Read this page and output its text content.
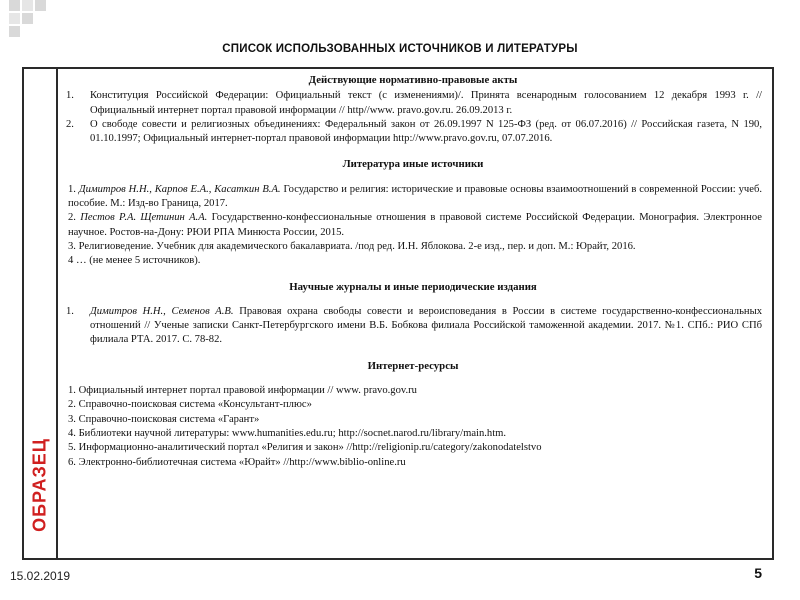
СПИСОК ИСПОЛЬЗОВАННЫХ ИСТОЧНИКОВ И ЛИТЕРАТУРЫ
ОБРАЗЕЦ
Действующие нормативно-правовые акты
1. Конституция Российской Федерации: Официальный текст (с изменениями)/. Принята всенародным голосованием 12 декабря 1993 г. // Официальный интернет портал правовой информации // http//www. pravo.gov.ru. 26.09.2013 г.
2. О свободе совести и религиозных объединениях: Федеральный закон от 26.09.1997 N 125-ФЗ (ред. от 06.07.2016) // Российская газета, N 190, 01.10.1997; Официальный интернет-портал правовой информации http://www.pravo.gov.ru, 07.07.2016.
Литература иные источники
1. Димитров Н.Н., Карпов Е.А., Касаткин В.А. Государство и религия: исторические и правовые основы взаимоотношений в современной России: учеб. пособие. М.: Изд-во Граница, 2017.
2. Пестов Р.А. Щетинин А.А. Государственно-конфессиональные отношения в правовой системе Российской Федерации. Монография. Электронное научное. Ростов-на-Дону: РЮИ РПА Минюста России, 2015.
3. Религиоведение. Учебник для академического бакалавриата. /под ред. И.Н. Яблокова. 2-е изд., пер. и доп. М.: Юрайт, 2016.
4 … (не менее 5 источников).
Научные журналы и иные периодические издания
1. Димитров Н.Н., Семенов А.В. Правовая охрана свободы совести и вероисповедания в России в системе государственно-конфессиональных отношений // Ученые записки Санкт-Петербургского имени В.Б. Бобкова филиала Российской таможенной академии. 2017. №1. СПб.: РИО СПб филиала РТА. 2017. С. 78-82.
Интернет-ресурсы
1. Официальный интернет портал правовой информации // www. pravo.gov.ru
2. Справочно-поисковая система «Консультант-плюс»
3. Справочно-поисковая система «Гарант»
4. Библиотеки научной литературы: www.humanities.edu.ru; http://socnet.narod.ru/library/main.htm.
5. Информационно-аналитический портал «Религия и закон» //http://religionip.ru/category/zakonodatelstvo
6. Электронно-библиотечная система «Юрайт» //http://www.biblio-online.ru
15.02.2019	5
